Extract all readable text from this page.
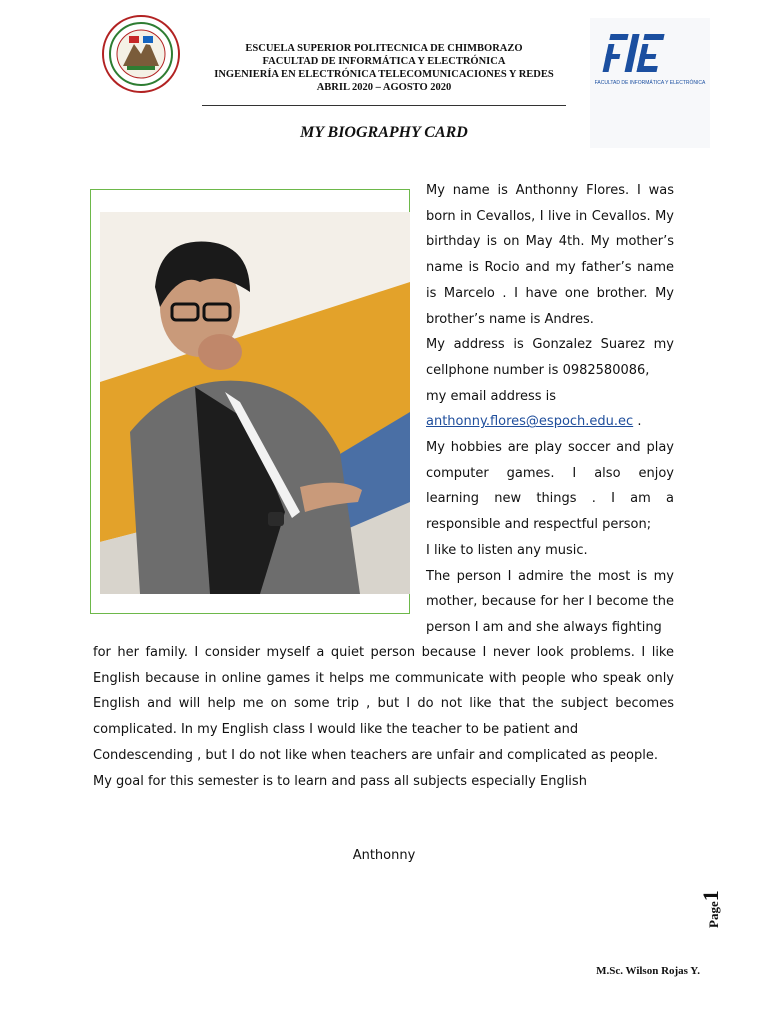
ESCUELA SUPERIOR POLITECNICA DE CHIMBORAZO
FACULTAD DE INFORMÁTICA Y ELECTRÓNICA
INGENIERÍA EN ELECTRÓNICA TELECOMUNICACIONES Y REDES
ABRIL 2020 – AGOSTO 2020	FACULTAD DE INFORMÁTICA Y ELECTRÓNICA
MY BIOGRAPHY CARD

My name is Anthonny Flores. I was born in Cevallos, I live in Cevallos. My birthday is on May 4th. My mother’s name is Rocio and my father’s name is Marcelo . I have one brother. My brother’s name is Andres.

My address is Gonzalez Suarez my cellphone number is 0982580086,

my email address is

anthonny.flores@espoch.edu.ec .

My hobbies are play soccer and play computer games. I also enjoy learning new things . I am a responsible and respectful person;

I like to listen any music.

The person I admire the most is my mother, because for her I become the person I am and she always fighting

for her family. I consider myself a quiet person because I never look problems. I like English because in online games it helps me communicate with people who speak only English and will help me on some trip , but I do not like that the subject becomes complicated. In my English class I would like the teacher to be patient and

Condescending , but I do not like when teachers are unfair and complicated as people.

My goal for this semester is to learn and pass all subjects especially English

Anthonny
Page1
M.Sc. Wilson Rojas Y.
